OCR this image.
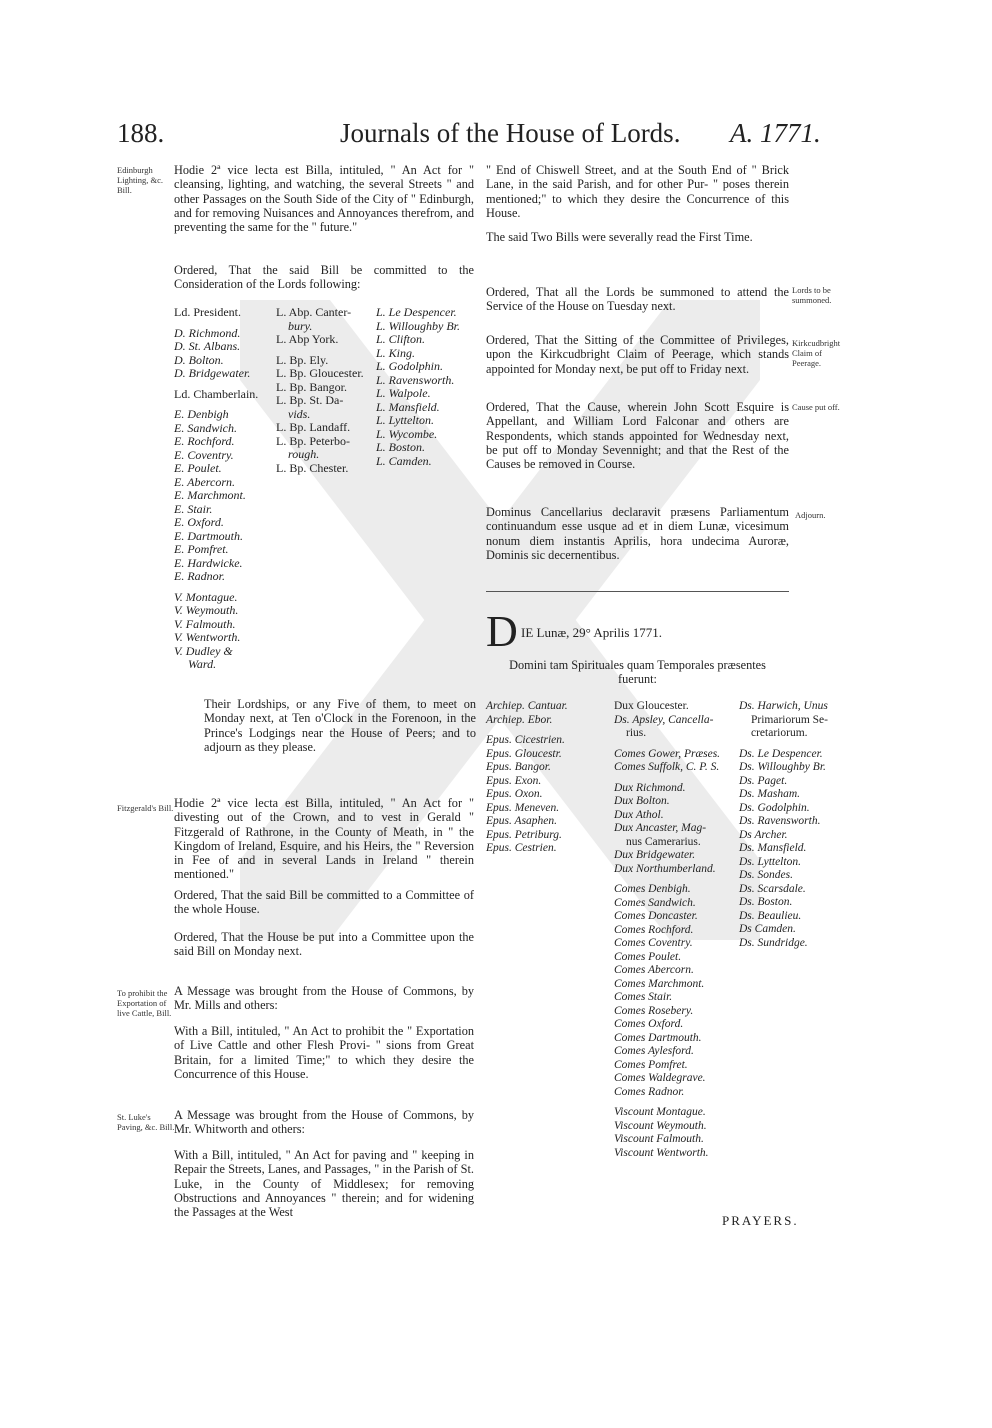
188.	Journals of the House of Lords. A. 1771.
Edinburgh Lighting, &c. Bill.
Fitzgerald's Bill.
To prohibit the Exportation of live Cattle, Bill.
St. Luke's Paving, &c. Bill.
Lords to be summoned.
Kirkcudbright Claim of Peerage.
Cause put off.
Adjourn.
Hodie 2ª vice lecta est Billa, intituled, " An Act for " cleansing, lighting, and watching, the several Streets " and other Passages on the South Side of the City of " Edinburgh, and for removing Nuisances and Annoyances therefrom, and preventing the same for the " future."
Ordered, That the said Bill be committed to the Consideration of the Lords following:
Ld. President.
D. Richmond.
D. St. Albans.
D. Bolton.
D. Bridgewater.
Ld. Chamberlain.
E. Denbigh
E. Sandwich.
E. Rochford.
E. Coventry.
E. Poulet.
E. Abercorn.
E. Marchmont.
E. Stair.
E. Oxford.
E. Dartmouth.
E. Pomfret.
E. Hardwicke.
E. Radnor.
V. Montague.
V. Weymouth.
V. Falmouth.
V. Wentworth.
V. Dudley &
Ward.
L. Abp. Canter-
bury.
L. Abp York.
L. Bp. Ely.
L. Bp. Gloucester.
L. Bp. Bangor.
L. Bp. St. Da-
vids.
L. Bp. Landaff.
L. Bp. Peterbo-
rough.
L. Bp. Chester.
L. Le Despencer.
L. Willoughby Br.
L. Clifton.
L. King.
L. Godolphin.
L. Ravensworth.
L. Walpole.
L. Mansfield.
L. Lyttelton.
L. Wycombe.
L. Boston.
L. Camden.
Their Lordships, or any Five of them, to meet on Monday next, at Ten o'Clock in the Forenoon, in the Prince's Lodgings near the House of Peers; and to adjourn as they please.
Hodie 2ª vice lecta est Billa, intituled, " An Act for " divesting out of the Crown, and to vest in Gerald " Fitzgerald of Rathrone, in the County of Meath, in " the Kingdom of Ireland, Esquire, and his Heirs, the " Reversion in Fee of and in several Lands in Ireland " therein mentioned."
Ordered, That the said Bill be committed to a Committee of the whole House.
Ordered, That the House be put into a Committee upon the said Bill on Monday next.
A Message was brought from the House of Commons, by Mr. Mills and others:
With a Bill, intituled, " An Act to prohibit the " Exportation of Live Cattle and other Flesh Provi- " sions from Great Britain, for a limited Time;" to which they desire the Concurrence of this House.
A Message was brought from the House of Commons, by Mr. Whitworth and others:
With a Bill, intituled, " An Act for paving and " keeping in Repair the Streets, Lanes, and Passages, " in the Parish of St. Luke, in the County of Middlesex; for removing Obstructions and Annoyances " therein; and for widening the Passages at the West
" End of Chiswell Street, and at the South End of " Brick Lane, in the said Parish, and for other Pur- " poses therein mentioned;" to which they desire the Concurrence of this House.
The said Two Bills were severally read the First Time.
Ordered, That all the Lords be summoned to attend the Service of the House on Tuesday next.
Ordered, That the Sitting of the Committee of Privileges, upon the Kirkcudbright Claim of Peerage, which stands appointed for Monday next, be put off to Friday next.
Ordered, That the Cause, wherein John Scott Esquire is Appellant, and William Lord Falconar and others are Respondents, which stands appointed for Wednesday next, be put off to Monday Sevennight; and that the Rest of the Causes be removed in Course.
Dominus Cancellarius declaravit præsens Parliamentum continuandum esse usque ad et in diem Lunæ, vicesimum nonum diem instantis Aprilis, hora undecima Auroræ, Dominis sic decernentibus.
D IE Lunæ, 29° Aprilis 1771.
Domini tam Spirituales quam Temporales præsentes fuerunt:
Archiep. Cantuar.
Archiep. Ebor.
Epus. Cicestrien.
Epus. Gloucestr.
Epus. Bangor.
Epus. Exon.
Epus. Oxon.
Epus. Meneven.
Epus. Asaphen.
Epus. Petriburg.
Epus. Cestrien.
Dux Gloucester.
Ds. Apsley, Cancella-
rius.
Comes Gower, Præses.
Comes Suffolk, C. P. S.
Dux Richmond.
Dux Bolton.
Dux Athol.
Dux Ancaster, Mag-
nus Camerarius.
Dux Bridgewater.
Dux Northumberland.
Comes Denbigh.
Comes Sandwich.
Comes Doncaster.
Comes Rochford.
Comes Coventry.
Comes Poulet.
Comes Abercorn.
Comes Marchmont.
Comes Stair.
Comes Rosebery.
Comes Oxford.
Comes Dartmouth.
Comes Aylesford.
Comes Pomfret.
Comes Waldegrave.
Comes Radnor.
Viscount Montague.
Viscount Weymouth.
Viscount Falmouth.
Viscount Wentworth.
Ds. Harwich, Unus
Primariorum Se-
cretariorum.
Ds. Le Despencer.
Ds. Willoughby Br.
Ds. Paget.
Ds. Masham.
Ds. Godolphin.
Ds. Ravensworth.
Ds Archer.
Ds. Mansfield.
Ds. Lyttelton.
Ds. Sondes.
Ds. Scarsdale.
Ds. Boston.
Ds. Beaulieu.
Ds Camden.
Ds. Sundridge.
PRAYERS.
